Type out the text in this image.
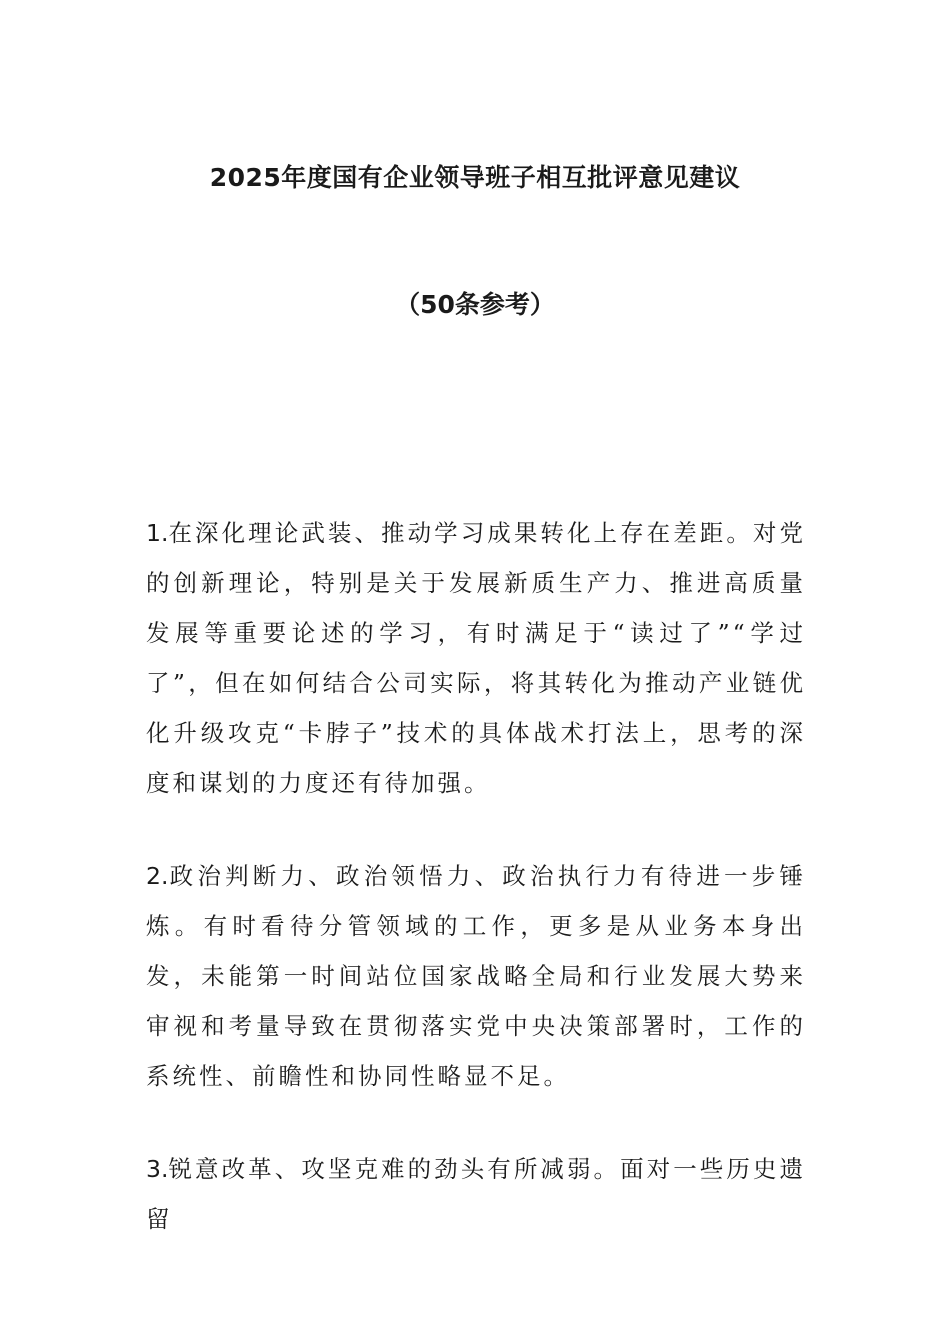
2025年度国有企业领导班子相互批评意见建议
（50条参考）

1.在深化理论武装、推动学习成果转化上存在差距。对党的创新理论，特别是关于发展新质生产力、推进高质量发展等重要论述的学习，有时满足于“读过了”“学过了”，但在如何结合公司实际，将其转化为推动产业链优化升级攻克“卡脖子”技术的具体战术打法上，思考的深度和谋划的力度还有待加强。

2.政治判断力、政治领悟力、政治执行力有待进一步锤炼。有时看待分管领域的工作，更多是从业务本身出发，未能第一时间站位国家战略全局和行业发展大势来审视和考量导致在贯彻落实党中央决策部署时，工作的系统性、前瞻性和协同性略显不足。

3.锐意改革、攻坚克难的劲头有所减弱。面对一些历史遗留
